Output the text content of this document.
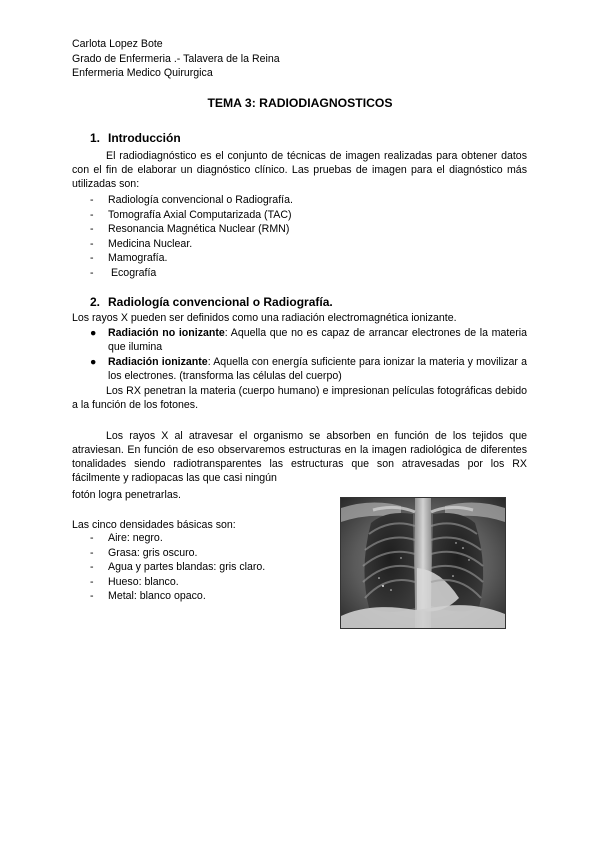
Carlota Lopez Bote
Grado de Enfermeria .- Talavera de la Reina
Enfermeria Medico Quirurgica
TEMA 3: RADIODIAGNOSTICOS
1. Introducción
El radiodiagnóstico es el conjunto de técnicas de imagen realizadas para obtener datos con el fin de elaborar un diagnóstico clínico. Las pruebas de imagen para el diagnóstico más utilizadas son:
- Radiología convencional o Radiografía.
- Tomografía Axial Computarizada (TAC)
- Resonancia Magnética Nuclear (RMN)
- Medicina Nuclear.
- Mamografía.
- Ecografía
2. Radiología convencional o Radiografía.
Los rayos X pueden ser definidos como una radiación electromagnética ionizante.
● Radiación no ionizante: Aquella que no es capaz de arrancar electrones de la materia que ilumina
● Radiación ionizante: Aquella con energía suficiente para ionizar la materia y movilizar a los electrones. (transforma las células del cuerpo)
Los RX penetran la materia (cuerpo humano) e impresionan películas fotográficas debido a la función de los fotones.
Los rayos X al atravesar el organismo se absorben en función de los tejidos que atraviesan. En función de eso observaremos estructuras en la imagen radiológica de diferentes tonalidades siendo radiotransparentes las estructuras que son atravesadas por los RX fácilmente y radiopacas las que casi ningún
fotón logra penetrarlas.
Las cinco densidades básicas son:
- Aire: negro.
- Grasa: gris oscuro.
- Agua y partes blandas: gris claro.
- Hueso: blanco.
- Metal: blanco opaco.
